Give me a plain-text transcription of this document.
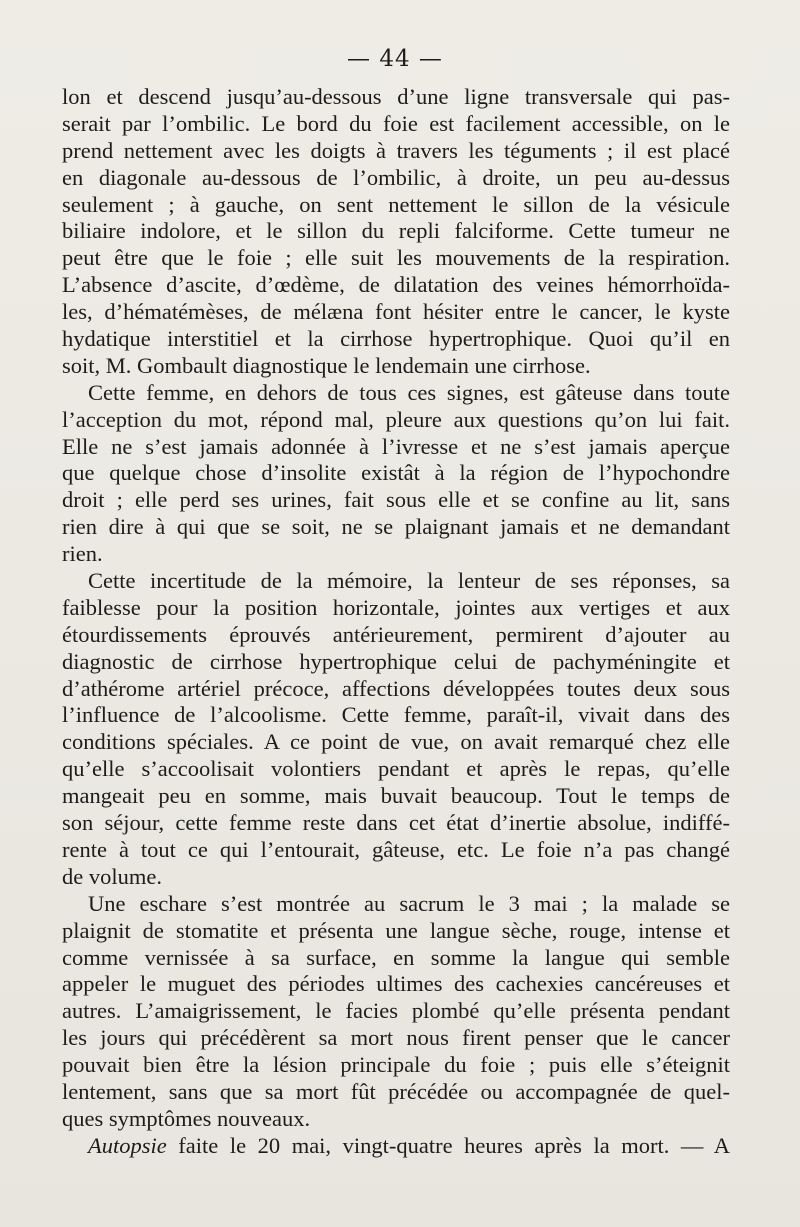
— 44 —
lon et descend jusqu’au-dessous d’une ligne transversale qui pas-
serait par l’ombilic. Le bord du foie est facilement accessible, on le
prend nettement avec les doigts à travers les téguments ; il est placé
en diagonale au-dessous de l’ombilic, à droite, un peu au-dessus
seulement ; à gauche, on sent nettement le sillon de la vésicule
biliaire indolore, et le sillon du repli falciforme. Cette tumeur ne
peut être que le foie ; elle suit les mouvements de la respiration.
L’absence d’ascite, d’œdème, de dilatation des veines hémorrhoïda-
les, d’hématémèses, de mélæna font hésiter entre le cancer, le kyste
hydatique interstitiel et la cirrhose hypertrophique. Quoi qu’il en
soit, M. Gombault diagnostique le lendemain une cirrhose.
Cette femme, en dehors de tous ces signes, est gâteuse dans toute
l’acception du mot, répond mal, pleure aux questions qu’on lui fait.
Elle ne s’est jamais adonnée à l’ivresse et ne s’est jamais aperçue
que quelque chose d’insolite existât à la région de l’hypochondre
droit ; elle perd ses urines, fait sous elle et se confine au lit, sans
rien dire à qui que se soit, ne se plaignant jamais et ne demandant
rien.
Cette incertitude de la mémoire, la lenteur de ses réponses, sa
faiblesse pour la position horizontale, jointes aux vertiges et aux
étourdissements éprouvés antérieurement, permirent d’ajouter au
diagnostic de cirrhose hypertrophique celui de pachyméningite et
d’athérome artériel précoce, affections développées toutes deux sous
l’influence de l’alcoolisme. Cette femme, paraît-il, vivait dans des
conditions spéciales. A ce point de vue, on avait remarqué chez elle
qu’elle s’accoolisait volontiers pendant et après le repas, qu’elle
mangeait peu en somme, mais buvait beaucoup. Tout le temps de
son séjour, cette femme reste dans cet état d’inertie absolue, indiffé-
rente à tout ce qui l’entourait, gâteuse, etc. Le foie n’a pas changé
de volume.
Une eschare s’est montrée au sacrum le 3 mai ; la malade se
plaignit de stomatite et présenta une langue sèche, rouge, intense et
comme vernissée à sa surface, en somme la langue qui semble
appeler le muguet des périodes ultimes des cachexies cancéreuses et
autres. L’amaigrissement, le facies plombé qu’elle présenta pendant
les jours qui précédèrent sa mort nous firent penser que le cancer
pouvait bien être la lésion principale du foie ; puis elle s’éteignit
lentement, sans que sa mort fût précédée ou accompagnée de quel-
ques symptômes nouveaux.
Autopsie faite le 20 mai, vingt-quatre heures après la mort. — A
